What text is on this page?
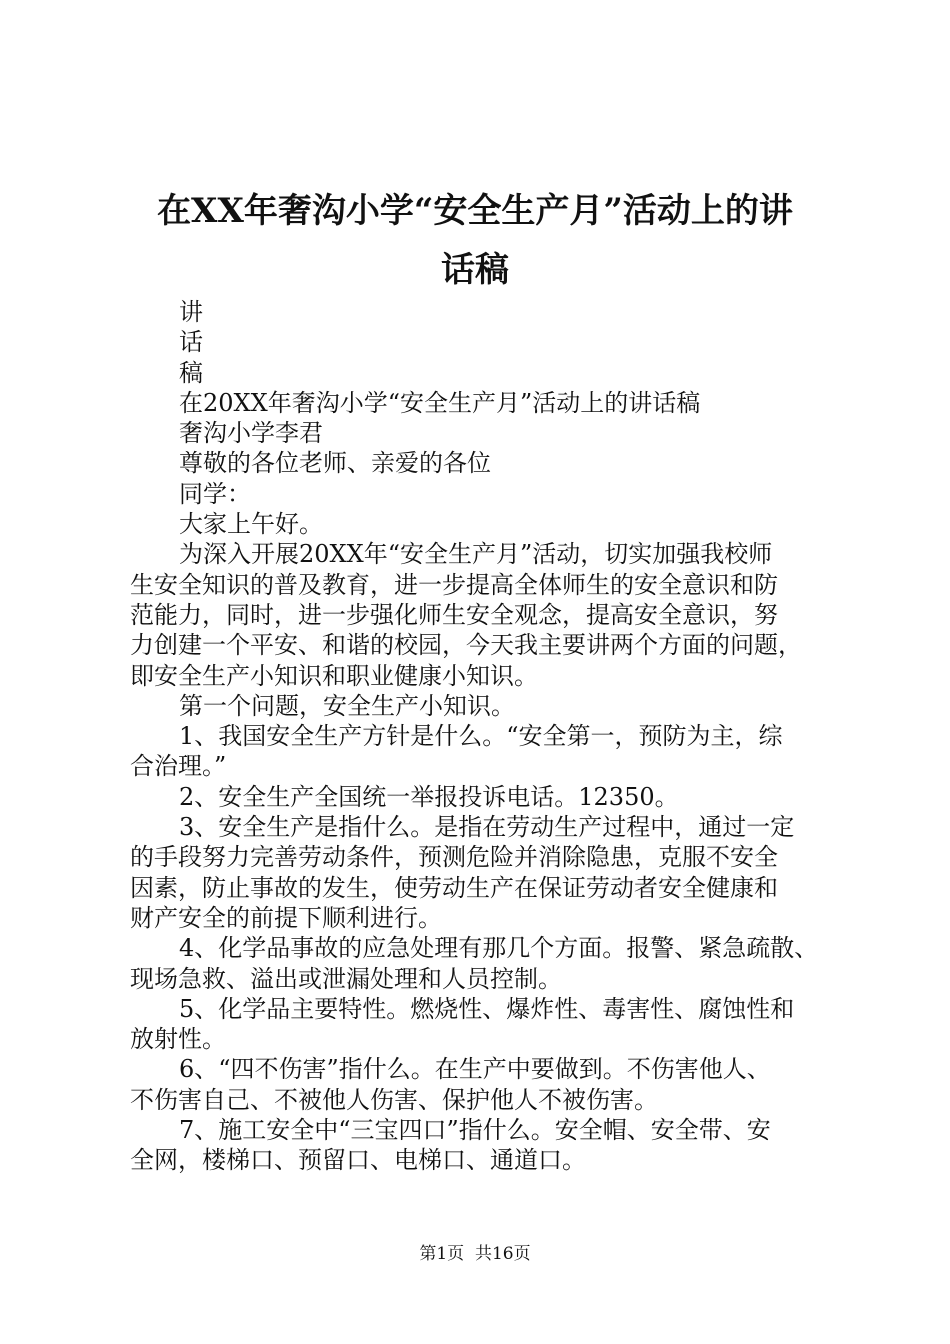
在XX年奢沟小学“安全生产月”活动上的讲
话稿
讲
话
稿
在20XX年奢沟小学“安全生产月”活动上的讲话稿
奢沟小学李君
尊敬的各位老师、亲爱的各位
同学：
大家上午好。
为深入开展20XX年“安全生产月”活动，切实加强我校师
生安全知识的普及教育，进一步提高全体师生的安全意识和防
范能力，同时，进一步强化师生安全观念，提高安全意识，努
力创建一个平安、和谐的校园，今天我主要讲两个方面的问题，
即安全生产小知识和职业健康小知识。
第一个问题，安全生产小知识。
1、我国安全生产方针是什么。“安全第一，预防为主，综
合治理。”
2、安全生产全国统一举报投诉电话。12350。
3、安全生产是指什么。是指在劳动生产过程中，通过一定
的手段努力完善劳动条件，预测危险并消除隐患，克服不安全
因素，防止事故的发生，使劳动生产在保证劳动者安全健康和
财产安全的前提下顺利进行。
4、化学品事故的应急处理有那几个方面。报警、紧急疏散、
现场急救、溢出或泄漏处理和人员控制。
5、化学品主要特性。燃烧性、爆炸性、毒害性、腐蚀性和
放射性。
6、“四不伤害”指什么。在生产中要做到。不伤害他人、
不伤害自己、不被他人伤害、保护他人不被伤害。
7、施工安全中“三宝四口”指什么。安全帽、安全带、安
全网，楼梯口、预留口、电梯口、通道口。
第1页  共16页
